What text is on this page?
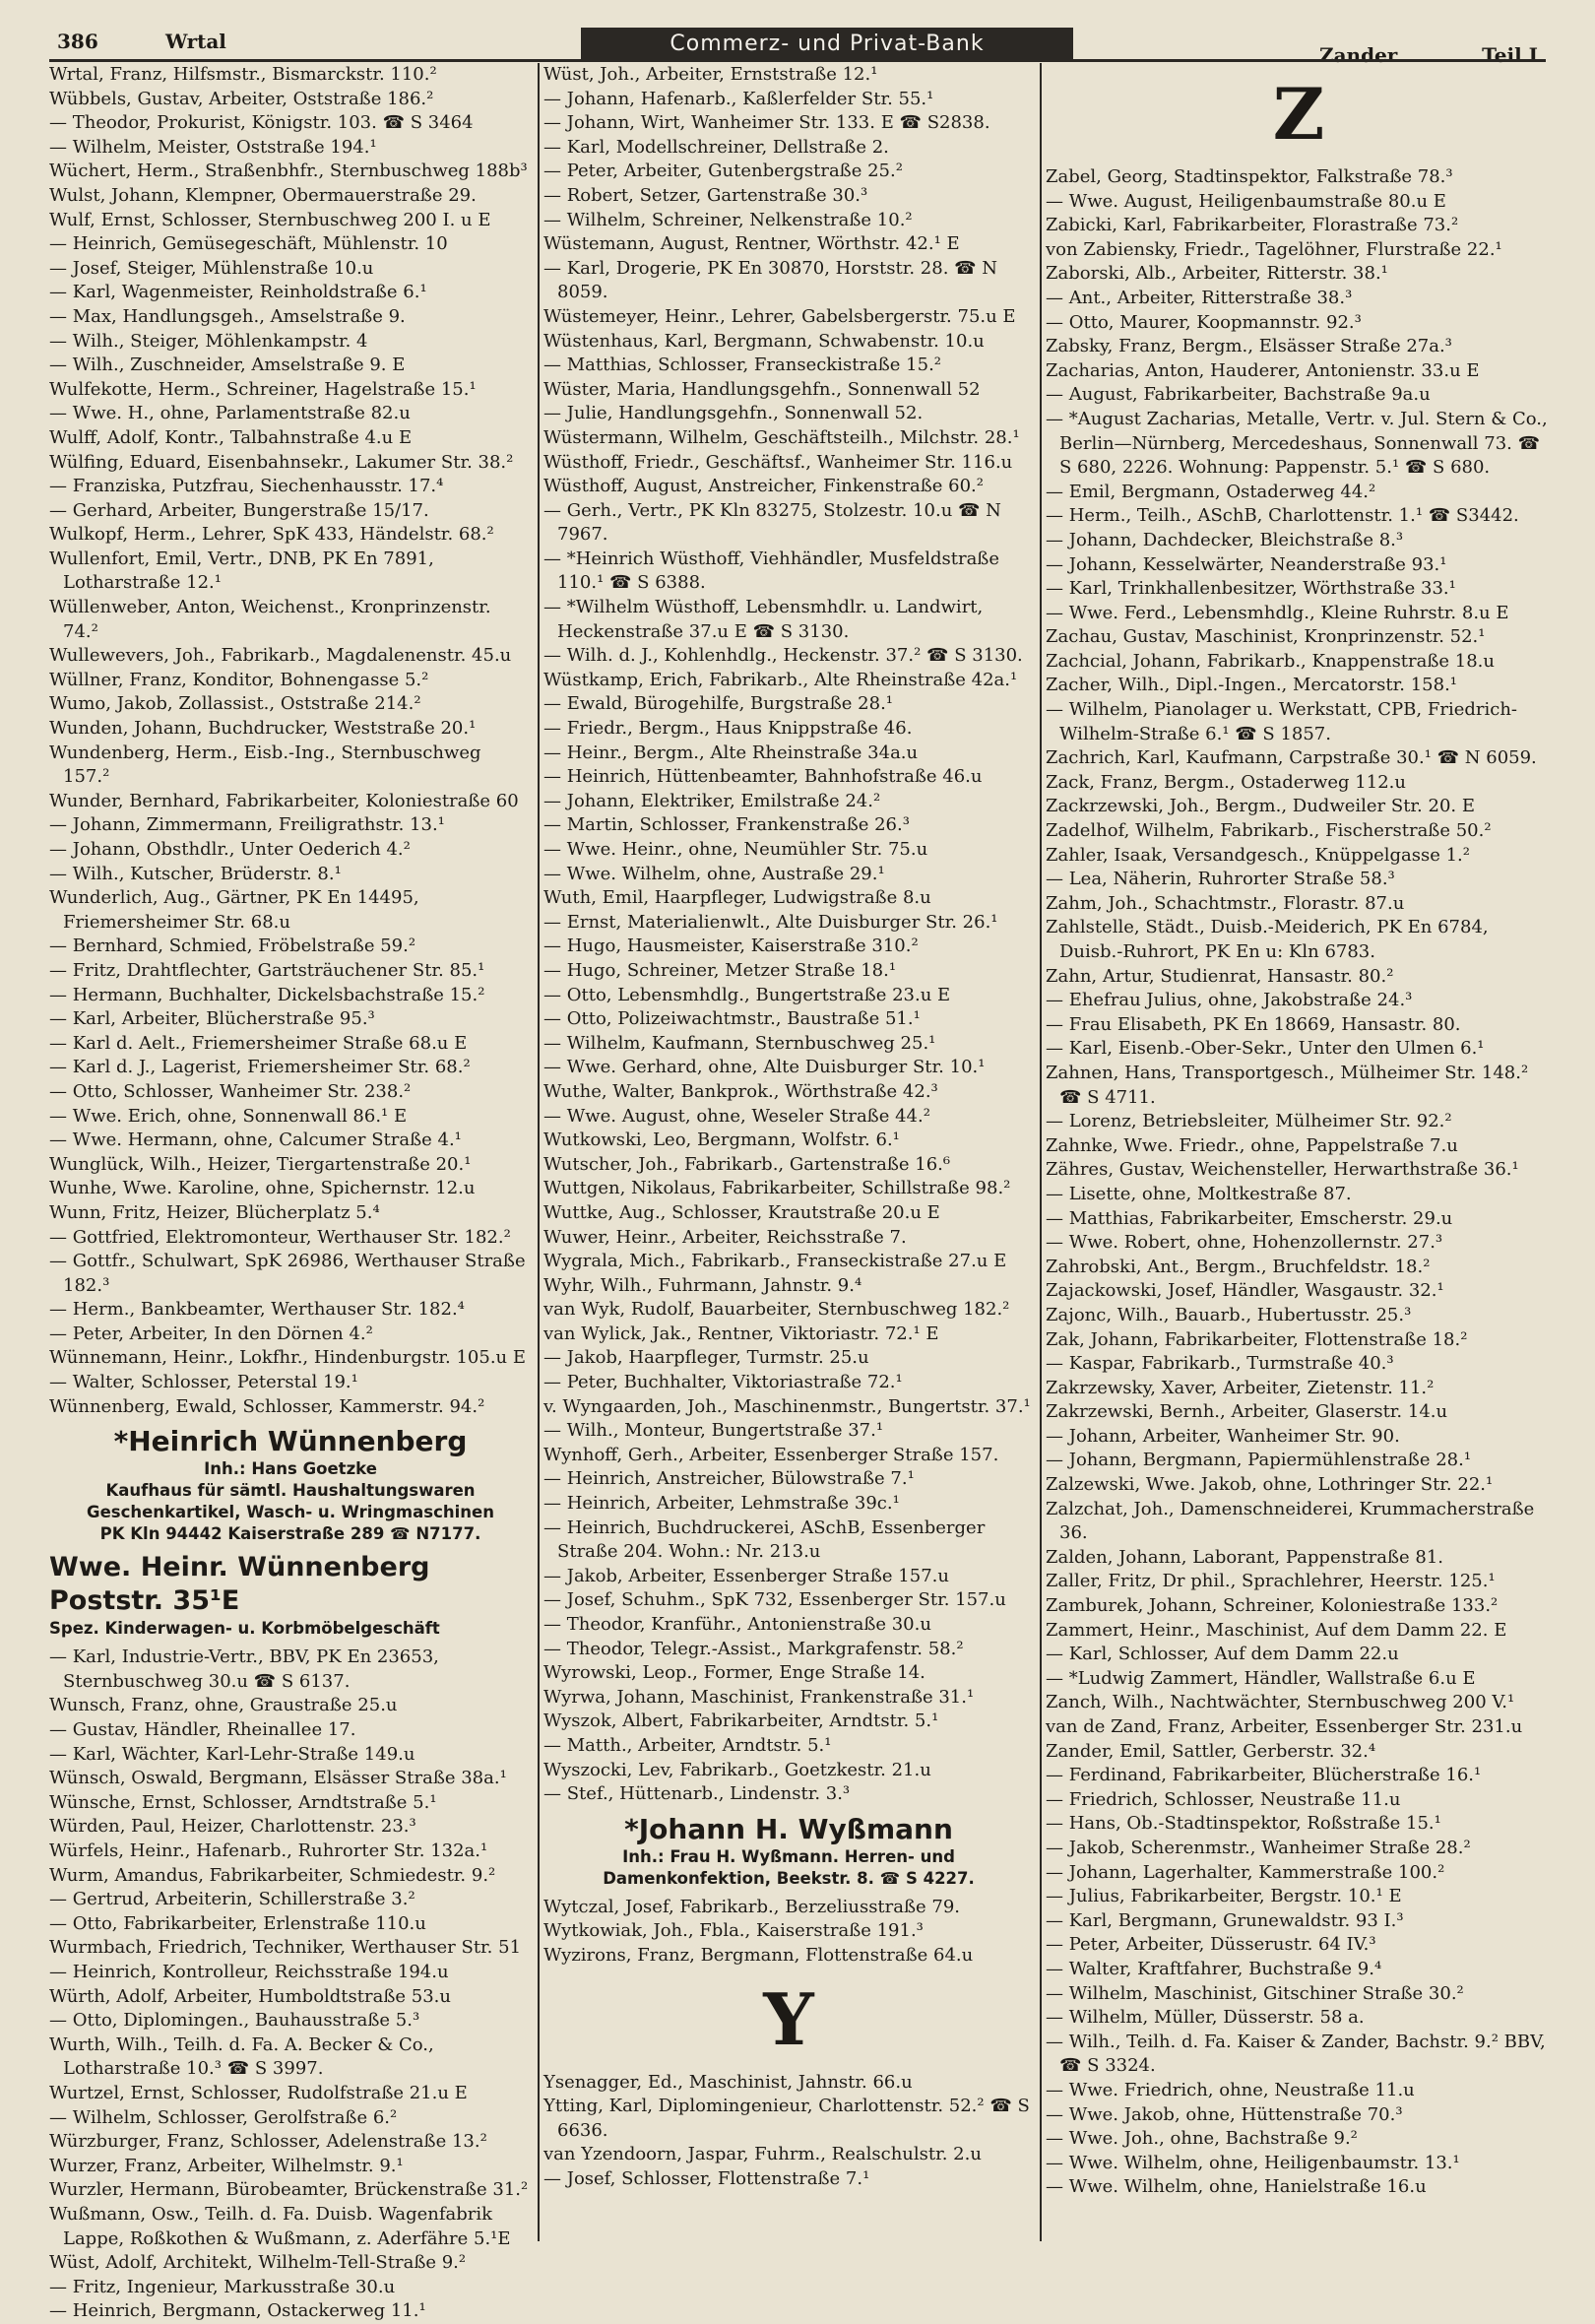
386	Wrtal	Commerz- und Privat-Bank	Zander	Teil I
Wrtal, Franz, Hilfsmstr., Bismarckstr. 110.²
Wübbels, Gustav, Arbeiter, Oststraße 186.²
— Theodor, Prokurist, Königstr. 103. ☎ S 3464
— Wilhelm, Meister, Oststraße 194.¹
Wüchert, Herm., Straßenbhfr., Sternbuschweg 188b³
Wulst, Johann, Klempner, Obermauerstraße 29.
Wulf, Ernst, Schlosser, Sternbuschweg 200 I. u E
— Heinrich, Gemüsegeschäft, Mühlenstr. 10
— Josef, Steiger, Mühlenstraße 10.u
— Karl, Wagenmeister, Reinholdstraße 6.¹
— Max, Handlungsgeh., Amselstraße 9.
— Wilh., Steiger, Möhlenkampstr. 4
— Wilh., Zuschneider, Amselstraße 9. E
Wulfekotte, Herm., Schreiner, Hagelstraße 15.¹
— Wwe. H., ohne, Parlamentstraße 82.u
Wulff, Adolf, Kontr., Talbahnstraße 4.u E
Wülfing, Eduard, Eisenbahnsekr., Lakumer Str. 38.²
— Franziska, Putzfrau, Siechenhausstr. 17.⁴
— Gerhard, Arbeiter, Bungerstraße 15/17.
Wulkopf, Herm., Lehrer, SpK 433, Händelstr. 68.²
Wullenfort, Emil, Vertr., DNB, PK En 7891, Lotharstraße 12.¹
Wüllenweber, Anton, Weichenst., Kronprinzenstr. 74.²
Wullewevers, Joh., Fabrikarb., Magdalenenstr. 45.u
Wüllner, Franz, Konditor, Bohnengasse 5.²
Wumo, Jakob, Zollassist., Oststraße 214.²
Wunden, Johann, Buchdrucker, Weststraße 20.¹
Wundenberg, Herm., Eisb.-Ing., Sternbuschweg 157.²
Wunder, Bernhard, Fabrikarbeiter, Koloniestraße 60
— Johann, Zimmermann, Freiligrathstr. 13.¹
— Johann, Obsthdlr., Unter Oederich 4.²
— Wilh., Kutscher, Brüderstr. 8.¹
Wunderlich, Aug., Gärtner, PK En 14495, Friemersheimer Str. 68.u
— Bernhard, Schmied, Fröbelstraße 59.²
— Fritz, Drahtflechter, Gartsträuchener Str. 85.¹
— Hermann, Buchhalter, Dickelsbachstraße 15.²
— Karl, Arbeiter, Blücherstraße 95.³
— Karl d. Aelt., Friemersheimer Straße 68.u E
— Karl d. J., Lagerist, Friemersheimer Str. 68.²
— Otto, Schlosser, Wanheimer Str. 238.²
— Wwe. Erich, ohne, Sonnenwall 86.¹ E
— Wwe. Hermann, ohne, Calcumer Straße 4.¹
Wunglück, Wilh., Heizer, Tiergartenstraße 20.¹
Wunhe, Wwe. Karoline, ohne, Spichernstr. 12.u
Wunn, Fritz, Heizer, Blücherplatz 5.⁴
— Gottfried, Elektromonteur, Werthauser Str. 182.²
— Gottfr., Schulwart, SpK 26986, Werthauser Straße 182.³
— Herm., Bankbeamter, Werthauser Str. 182.⁴
— Peter, Arbeiter, In den Dörnen 4.²
Wünnemann, Heinr., Lokfhr., Hindenburgstr. 105.u E
— Walter, Schlosser, Peterstal 19.¹
Wünnenberg, Ewald, Schlosser, Kammerstr. 94.²
*Heinrich Wünnenberg
Inh.: Hans Goetzke
Kaufhaus für sämtl. Haushaltungswaren
Geschenkartikel, Wasch- u. Wringmaschinen
PK Kln 94442 Kaiserstraße 289 ☎ N7177.
Wwe. Heinr. Wünnenberg Poststr. 35¹E
Spez. Kinderwagen- u. Korbmöbelgeschäft
— Karl, Industrie-Vertr., BBV, PK En 23653, Sternbuschweg 30.u ☎ S 6137.
Wunsch, Franz, ohne, Graustraße 25.u
— Gustav, Händler, Rheinallee 17.
— Karl, Wächter, Karl-Lehr-Straße 149.u
Wünsch, Oswald, Bergmann, Elsässer Straße 38a.¹
Wünsche, Ernst, Schlosser, Arndtstraße 5.¹
Würden, Paul, Heizer, Charlottenstr. 23.³
Würfels, Heinr., Hafenarb., Ruhrorter Str. 132a.¹
Wurm, Amandus, Fabrikarbeiter, Schmiedestr. 9.²
— Gertrud, Arbeiterin, Schillerstraße 3.²
— Otto, Fabrikarbeiter, Erlenstraße 110.u
Wurmbach, Friedrich, Techniker, Werthauser Str. 51
— Heinrich, Kontrolleur, Reichsstraße 194.u
Würth, Adolf, Arbeiter, Humboldtstraße 53.u
— Otto, Diplomingen., Bauhausstraße 5.³
Wurth, Wilh., Teilh. d. Fa. A. Becker & Co., Lotharstraße 10.³ ☎ S 3997.
Wurtzel, Ernst, Schlosser, Rudolfstraße 21.u E
— Wilhelm, Schlosser, Gerolfstraße 6.²
Würzburger, Franz, Schlosser, Adelenstraße 13.²
Wurzer, Franz, Arbeiter, Wilhelmstr. 9.¹
Wurzler, Hermann, Bürobeamter, Brückenstraße 31.²
Wußmann, Osw., Teilh. d. Fa. Duisb. Wagenfabrik Lappe, Roßkothen & Wußmann, z. Aderfähre 5.¹E
Wüst, Adolf, Architekt, Wilhelm-Tell-Straße 9.²
— Fritz, Ingenieur, Markusstraße 30.u
— Heinrich, Bergmann, Ostackerweg 11.¹
Wüst, Joh., Arbeiter, Ernststraße 12.¹
— Johann, Hafenarb., Kaßlerfelder Str. 55.¹
— Johann, Wirt, Wanheimer Str. 133. E ☎ S2838.
— Karl, Modellschreiner, Dellstraße 2.
— Peter, Arbeiter, Gutenbergstraße 25.²
— Robert, Setzer, Gartenstraße 30.³
— Wilhelm, Schreiner, Nelkenstraße 10.²
Wüstemann, August, Rentner, Wörthstr. 42.¹ E
— Karl, Drogerie, PK En 30870, Horststr. 28. ☎ N 8059.
Wüstemeyer, Heinr., Lehrer, Gabelsbergerstr. 75.u E
Wüstenhaus, Karl, Bergmann, Schwabenstr. 10.u
— Matthias, Schlosser, Franseckistraße 15.²
Wüster, Maria, Handlungsgehfn., Sonnenwall 52
— Julie, Handlungsgehfn., Sonnenwall 52.
Wüstermann, Wilhelm, Geschäftsteilh., Milchstr. 28.¹
Wüsthoff, Friedr., Geschäftsf., Wanheimer Str. 116.u
Wüsthoff, August, Anstreicher, Finkenstraße 60.²
— Gerh., Vertr., PK Kln 83275, Stolzestr. 10.u ☎ N 7967.
— *Heinrich Wüsthoff, Viehhändler, Musfeldstraße 110.¹ ☎ S 6388.
— *Wilhelm Wüsthoff, Lebensmhdlr. u. Landwirt, Heckenstraße 37.u E ☎ S 3130.
— Wilh. d. J., Kohlenhdlg., Heckenstr. 37.² ☎ S 3130.
Wüstkamp, Erich, Fabrikarb., Alte Rheinstraße 42a.¹
— Ewald, Bürogehilfe, Burgstraße 28.¹
— Friedr., Bergm., Haus Knippstraße 46.
— Heinr., Bergm., Alte Rheinstraße 34a.u
— Heinrich, Hüttenbeamter, Bahnhofstraße 46.u
— Johann, Elektriker, Emilstraße 24.²
— Martin, Schlosser, Frankenstraße 26.³
— Wwe. Heinr., ohne, Neumühler Str. 75.u
— Wwe. Wilhelm, ohne, Austraße 29.¹
Wuth, Emil, Haarpfleger, Ludwigstraße 8.u
— Ernst, Materialienwlt., Alte Duisburger Str. 26.¹
— Hugo, Hausmeister, Kaiserstraße 310.²
— Hugo, Schreiner, Metzer Straße 18.¹
— Otto, Lebensmhdlg., Bungertstraße 23.u E
— Otto, Polizeiwachtmstr., Baustraße 51.¹
— Wilhelm, Kaufmann, Sternbuschweg 25.¹
— Wwe. Gerhard, ohne, Alte Duisburger Str. 10.¹
Wuthe, Walter, Bankprok., Wörthstraße 42.³
— Wwe. August, ohne, Weseler Straße 44.²
Wutkowski, Leo, Bergmann, Wolfstr. 6.¹
Wutscher, Joh., Fabrikarb., Gartenstraße 16.⁶
Wuttgen, Nikolaus, Fabrikarbeiter, Schillstraße 98.²
Wuttke, Aug., Schlosser, Krautstraße 20.u E
Wuwer, Heinr., Arbeiter, Reichsstraße 7.
Wygrala, Mich., Fabrikarb., Franseckistraße 27.u E
Wyhr, Wilh., Fuhrmann, Jahnstr. 9.⁴
van Wyk, Rudolf, Bauarbeiter, Sternbuschweg 182.²
van Wylick, Jak., Rentner, Viktoriastr. 72.¹ E
— Jakob, Haarpfleger, Turmstr. 25.u
— Peter, Buchhalter, Viktoriastraße 72.¹
v. Wyngaarden, Joh., Maschinenmstr., Bungertstr. 37.¹
— Wilh., Monteur, Bungertstraße 37.¹
Wynhoff, Gerh., Arbeiter, Essenberger Straße 157.
— Heinrich, Anstreicher, Bülowstraße 7.¹
— Heinrich, Arbeiter, Lehmstraße 39c.¹
— Heinrich, Buchdruckerei, ASchB, Essenberger Straße 204. Wohn.: Nr. 213.u
— Jakob, Arbeiter, Essenberger Straße 157.u
— Josef, Schuhm., SpK 732, Essenberger Str. 157.u
— Theodor, Kranführ., Antonienstraße 30.u
— Theodor, Telegr.-Assist., Markgrafenstr. 58.²
Wyrowski, Leop., Former, Enge Straße 14.
Wyrwa, Johann, Maschinist, Frankenstraße 31.¹
Wyszok, Albert, Fabrikarbeiter, Arndtstr. 5.¹
— Matth., Arbeiter, Arndtstr. 5.¹
Wyszocki, Lev, Fabrikarb., Goetzkestr. 21.u
— Stef., Hüttenarb., Lindenstr. 3.³
*Johann H. Wyßmann
Inh.: Frau H. Wyßmann. Herren- und
Damenkonfektion, Beekstr. 8. ☎ S 4227.
Wytczal, Josef, Fabrikarb., Berzeliusstraße 79.
Wytkowiak, Joh., Fbla., Kaiserstraße 191.³
Wyzirons, Franz, Bergmann, Flottenstraße 64.u
Y
Ysenagger, Ed., Maschinist, Jahnstr. 66.u
Ytting, Karl, Diplomingenieur, Charlottenstr. 52.² ☎ S 6636.
van Yzendoorn, Jaspar, Fuhrm., Realschulstr. 2.u
— Josef, Schlosser, Flottenstraße 7.¹
Z
Zabel, Georg, Stadtinspektor, Falkstraße 78.³
— Wwe. August, Heiligenbaumstraße 80.u E
Zabicki, Karl, Fabrikarbeiter, Florastraße 73.²
von Zabiensky, Friedr., Tagelöhner, Flurstraße 22.¹
Zaborski, Alb., Arbeiter, Ritterstr. 38.¹
— Ant., Arbeiter, Ritterstraße 38.³
— Otto, Maurer, Koopmannstr. 92.³
Zabsky, Franz, Bergm., Elsässer Straße 27a.³
Zacharias, Anton, Hauderer, Antonienstr. 33.u E
— August, Fabrikarbeiter, Bachstraße 9a.u
— *August Zacharias, Metalle, Vertr. v. Jul. Stern & Co., Berlin—Nürnberg, Mercedeshaus, Sonnenwall 73. ☎ S 680, 2226. Wohnung: Pappenstr. 5.¹ ☎ S 680.
— Emil, Bergmann, Ostaderweg 44.²
— Herm., Teilh., ASchB, Charlottenstr. 1.¹ ☎ S3442.
— Johann, Dachdecker, Bleichstraße 8.³
— Johann, Kesselwärter, Neanderstraße 93.¹
— Karl, Trinkhallenbesitzer, Wörthstraße 33.¹
— Wwe. Ferd., Lebensmhdlg., Kleine Ruhrstr. 8.u E
Zachau, Gustav, Maschinist, Kronprinzenstr. 52.¹
Zachcial, Johann, Fabrikarb., Knappenstraße 18.u
Zacher, Wilh., Dipl.-Ingen., Mercatorstr. 158.¹
— Wilhelm, Pianolager u. Werkstatt, CPB, Friedrich-Wilhelm-Straße 6.¹ ☎ S 1857.
Zachrich, Karl, Kaufmann, Carpstraße 30.¹ ☎ N 6059.
Zack, Franz, Bergm., Ostaderweg 112.u
Zackrzewski, Joh., Bergm., Dudweiler Str. 20. E
Zadelhof, Wilhelm, Fabrikarb., Fischerstraße 50.²
Zahler, Isaak, Versandgesch., Knüppelgasse 1.²
— Lea, Näherin, Ruhrorter Straße 58.³
Zahm, Joh., Schachtmstr., Florastr. 87.u
Zahlstelle, Städt., Duisb.-Meiderich, PK En 6784, Duisb.-Ruhrort, PK En u: Kln 6783.
Zahn, Artur, Studienrat, Hansastr. 80.²
— Ehefrau Julius, ohne, Jakobstraße 24.³
— Frau Elisabeth, PK En 18669, Hansastr. 80.
— Karl, Eisenb.-Ober-Sekr., Unter den Ulmen 6.¹
Zahnen, Hans, Transportgesch., Mülheimer Str. 148.² ☎ S 4711.
— Lorenz, Betriebsleiter, Mülheimer Str. 92.²
Zahnke, Wwe. Friedr., ohne, Pappelstraße 7.u
Zähres, Gustav, Weichensteller, Herwarthstraße 36.¹
— Lisette, ohne, Moltkestraße 87.
— Matthias, Fabrikarbeiter, Emscherstr. 29.u
— Wwe. Robert, ohne, Hohenzollernstr. 27.³
Zahrobski, Ant., Bergm., Bruchfeldstr. 18.²
Zajackowski, Josef, Händler, Wasgaustr. 32.¹
Zajonc, Wilh., Bauarb., Hubertusstr. 25.³
Zak, Johann, Fabrikarbeiter, Flottenstraße 18.²
— Kaspar, Fabrikarb., Turmstraße 40.³
Zakrzewsky, Xaver, Arbeiter, Zietenstr. 11.²
Zakrzewski, Bernh., Arbeiter, Glaserstr. 14.u
— Johann, Arbeiter, Wanheimer Str. 90.
— Johann, Bergmann, Papiermühlenstraße 28.¹
Zalzewski, Wwe. Jakob, ohne, Lothringer Str. 22.¹
Zalzchat, Joh., Damenschneiderei, Krummacherstraße 36.
Zalden, Johann, Laborant, Pappenstraße 81.
Zaller, Fritz, Dr phil., Sprachlehrer, Heerstr. 125.¹
Zamburek, Johann, Schreiner, Koloniestraße 133.²
Zammert, Heinr., Maschinist, Auf dem Damm 22. E
— Karl, Schlosser, Auf dem Damm 22.u
— *Ludwig Zammert, Händler, Wallstraße 6.u E
Zanch, Wilh., Nachtwächter, Sternbuschweg 200 V.¹
van de Zand, Franz, Arbeiter, Essenberger Str. 231.u
Zander, Emil, Sattler, Gerberstr. 32.⁴
— Ferdinand, Fabrikarbeiter, Blücherstraße 16.¹
— Friedrich, Schlosser, Neustraße 11.u
— Hans, Ob.-Stadtinspektor, Roßstraße 15.¹
— Jakob, Scherenmstr., Wanheimer Straße 28.²
— Johann, Lagerhalter, Kammerstraße 100.²
— Julius, Fabrikarbeiter, Bergstr. 10.¹ E
— Karl, Bergmann, Grunewaldstr. 93 I.³
— Peter, Arbeiter, Düsserustr. 64 IV.³
— Walter, Kraftfahrer, Buchstraße 9.⁴
— Wilhelm, Maschinist, Gitschiner Straße 30.²
— Wilhelm, Müller, Düsserstr. 58 a.
— Wilh., Teilh. d. Fa. Kaiser & Zander, Bachstr. 9.² BBV, ☎ S 3324.
— Wwe. Friedrich, ohne, Neustraße 11.u
— Wwe. Jakob, ohne, Hüttenstraße 70.³
— Wwe. Joh., ohne, Bachstraße 9.²
— Wwe. Wilhelm, ohne, Heiligenbaumstr. 13.¹
— Wwe. Wilhelm, ohne, Hanielstraße 16.u
